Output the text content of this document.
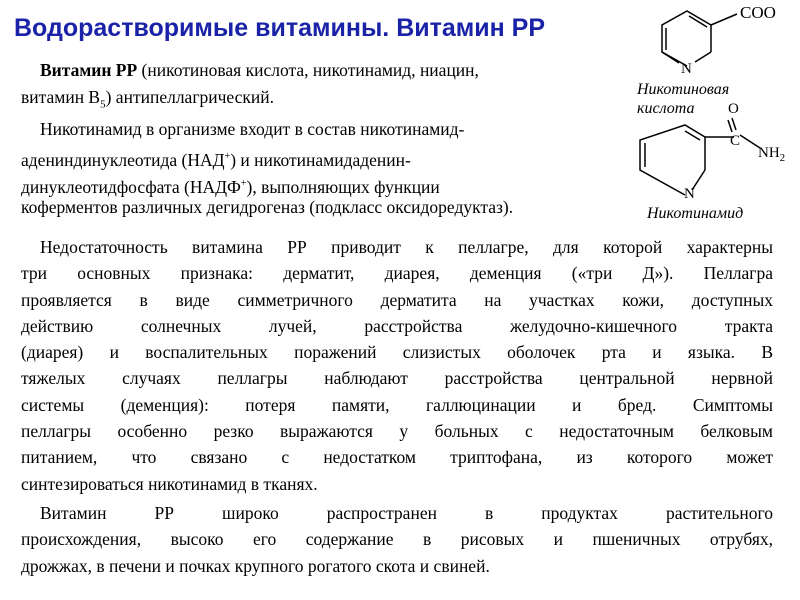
Водорастворимые витамины. Витамин РР
Витамин РР (никотиновая кислота, никотинамид, ниацин,
витамин $В_5$) антипеллагрический.
Никотинамид в организме входит в состав никотинамид-
адениндинуклеотида (НАД+) и никотинамидаденин-
динуклеотидфосфата (НАДФ+), выполняющих функции
коферментов различных дегидрогеназ (подкласс оксидоредуктаз).
Недостаточность витамина РР приводит к пеллагре, для которой характерны
три основных признака: дерматит, диарея, деменция («три Д»). Пеллагра
проявляется в виде симметричного дерматита на участках кожи, доступных
действию солнечных лучей, расстройства желудочно-кишечного тракта
(диарея) и воспалительных поражений слизистых оболочек рта и языка. В
тяжелых случаях пеллагры наблюдают расстройства центральной нервной
системы (деменция): потеря памяти, галлюцинации и бред. Симптомы
пеллагры особенно резко выражаются у больных с недостаточным белковым
питанием, что связано с недостатком триптофана, из которого может
синтезироваться никотинамид в тканях.
Витамин РР широко распространен в продуктах растительного
происхождения, высоко его содержание в рисовых и пшеничных отрубях,
дрожжах, в печени и почках крупного рогатого скота и свиней.
COO
N
Никотиновая кислота	O
C
$NH_2$
N
Никотинамид
